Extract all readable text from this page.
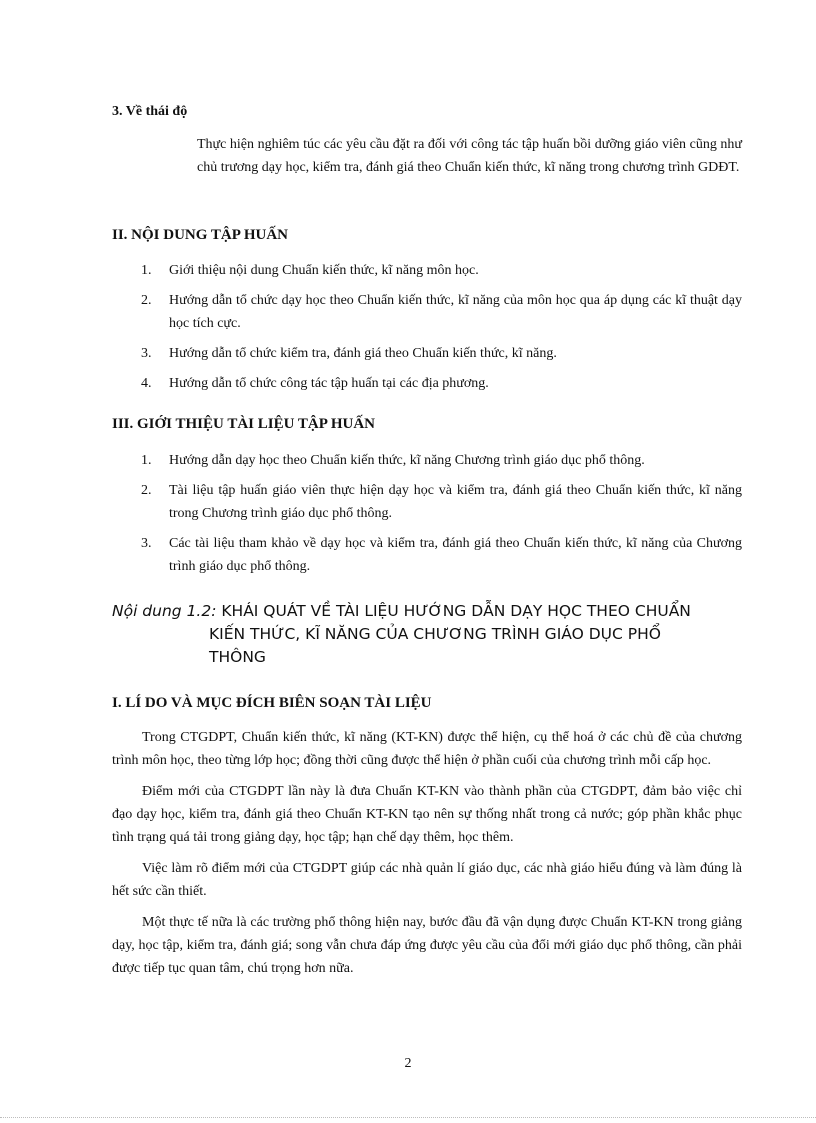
3. Về thái độ

Thực hiện nghiêm túc các yêu cầu đặt ra đối với công tác tập huấn bồi dưỡng giáo viên cũng như chủ trương dạy học, kiểm tra, đánh giá theo Chuẩn kiến thức, kĩ năng trong chương trình GDĐT.

II. NỘI DUNG TẬP HUẤN

1. Giới thiệu nội dung Chuẩn kiến thức, kĩ năng môn học.
2. Hướng dẫn tổ chức dạy học theo Chuẩn kiến thức, kĩ năng của môn học qua áp dụng các kĩ thuật dạy học tích cực.
3. Hướng dẫn tổ chức kiểm tra, đánh giá theo Chuẩn kiến thức, kĩ năng.
4. Hướng dẫn tổ chức công tác tập huấn tại các địa phương.

III. GIỚI THIỆU TÀI LIỆU TẬP HUẤN

1. Hướng dẫn dạy học theo Chuẩn kiến thức, kĩ năng Chương trình giáo dục phổ thông.
2. Tài liệu tập huấn giáo viên thực hiện dạy học và kiểm tra, đánh giá theo Chuẩn kiến thức, kĩ năng trong Chương trình giáo dục phổ thông.
3. Các tài liệu tham khảo về dạy học và kiểm tra, đánh giá theo Chuẩn kiến thức, kĩ năng của Chương trình giáo dục phổ thông.
Nội dung 1.2: KHÁI QUÁT VỀ TÀI LIỆU HƯỚNG DẪN DẠY HỌC THEO CHUẨN
KIẾN THỨC, KĨ NĂNG CỦA CHƯƠNG TRÌNH GIÁO DỤC PHỔ
THÔNG

I. LÍ DO VÀ MỤC ĐÍCH BIÊN SOẠN TÀI LIỆU

Trong CTGDPT, Chuẩn kiến thức, kĩ năng (KT-KN) được thể hiện, cụ thể hoá ở các chủ đề của chương trình môn học, theo từng lớp học; đồng thời cũng được thể hiện ở phần cuối của chương trình mỗi cấp học.

Điểm mới của CTGDPT lần này là đưa Chuẩn KT-KN vào thành phần của CTGDPT, đảm bảo việc chỉ đạo dạy học, kiểm tra, đánh giá theo Chuẩn KT-KN tạo nên sự thống nhất trong cả nước; góp phần khắc phục tình trạng quá tải trong giảng dạy, học tập; hạn chế dạy thêm, học thêm.

Việc làm rõ điểm mới của CTGDPT giúp các nhà quản lí giáo dục, các nhà giáo hiểu đúng và làm đúng là hết sức cần thiết.

Một thực tế nữa là các trường phổ thông hiện nay, bước đầu đã vận dụng được Chuẩn KT-KN trong giảng dạy, học tập, kiểm tra, đánh giá; song vẫn chưa đáp ứng được yêu cầu của đổi mới giáo dục phổ thông, cần phải được tiếp tục quan tâm, chú trọng hơn nữa.

2
